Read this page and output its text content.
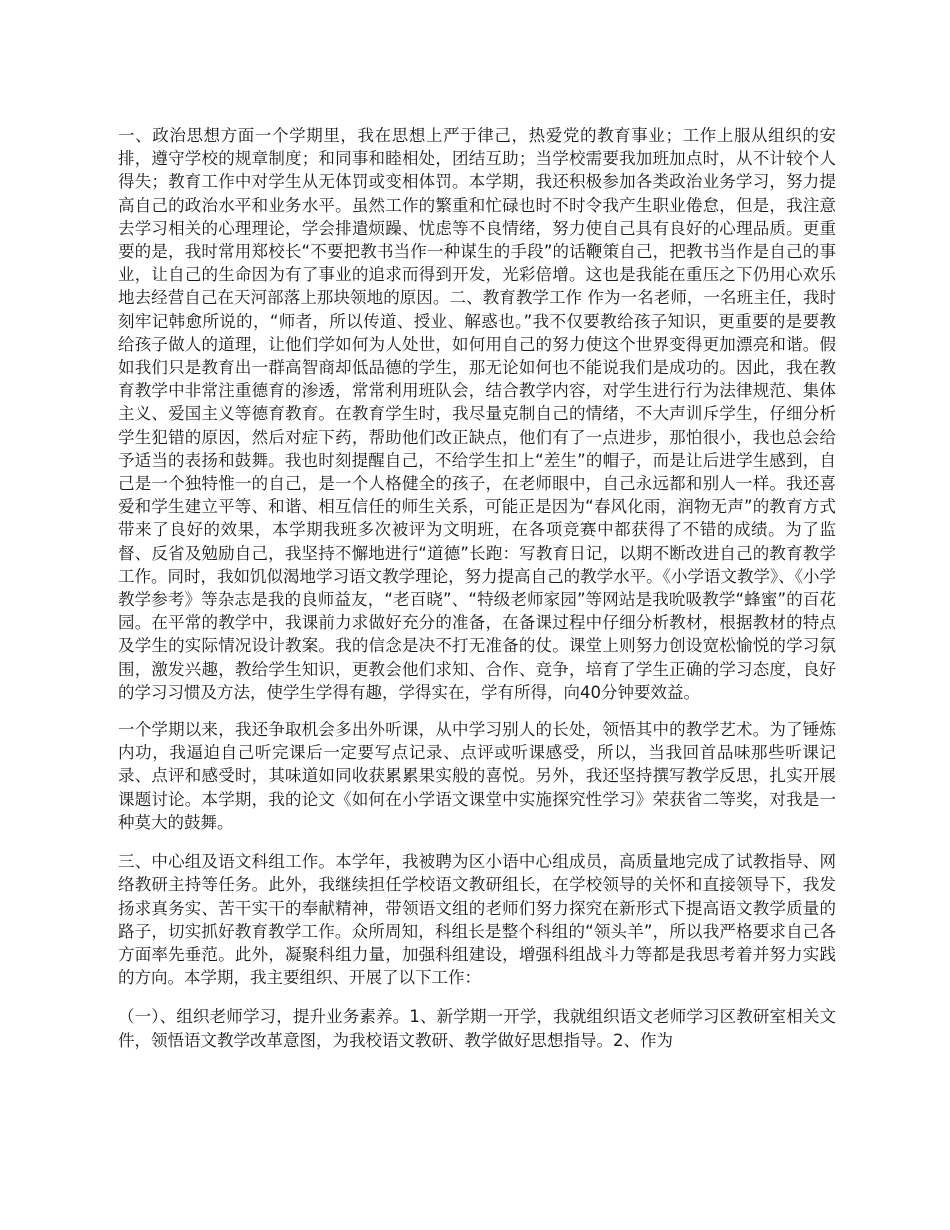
一、政治思想方面一个学期里，我在思想上严于律己，热爱党的教育事业；工作上服从组织的安排，遵守学校的规章制度；和同事和睦相处，团结互助；当学校需要我加班加点时，从不计较个人得失；教育工作中对学生从无体罚或变相体罚。本学期，我还积极参加各类政治业务学习，努力提高自己的政治水平和业务水平。虽然工作的繁重和忙碌也时不时令我产生职业倦怠，但是，我注意去学习相关的心理理论，学会排遣烦躁、忧虑等不良情绪，努力使自己具有良好的心理品质。更重要的是，我时常用郑校长“不要把教书当作一种谋生的手段”的话鞭策自己，把教书当作是自己的事业，让自己的生命因为有了事业的追求而得到开发，光彩倍增。这也是我能在重压之下仍用心欢乐地去经营自己在天河部落上那块领地的原因。二、教育教学工作 作为一名老师，一名班主任，我时刻牢记韩愈所说的，“师者，所以传道、授业、解惑也。”我不仅要教给孩子知识，更重要的是要教给孩子做人的道理，让他们学如何为人处世，如何用自己的努力使这个世界变得更加漂亮和谐。假如我们只是教育出一群高智商却低品德的学生，那无论如何也不能说我们是成功的。因此，我在教育教学中非常注重德育的渗透，常常利用班队会，结合教学内容，对学生进行行为法律规范、集体主义、爱国主义等德育教育。在教育学生时，我尽量克制自己的情绪，不大声训斥学生，仔细分析学生犯错的原因，然后对症下药，帮助他们改正缺点，他们有了一点进步，那怕很小，我也总会给予适当的表扬和鼓舞。我也时刻提醒自己，不给学生扣上“差生”的帽子，而是让后进学生感到，自己是一个独特惟一的自己，是一个人格健全的孩子，在老师眼中，自己永远都和别人一样。我还喜爱和学生建立平等、和谐、相互信任的师生关系，可能正是因为“春风化雨，润物无声”的教育方式带来了良好的效果，本学期我班多次被评为文明班，在各项竞赛中都获得了不错的成绩。为了监督、反省及勉励自己，我坚持不懈地进行“道德”长跑：写教育日记，以期不断改进自己的教育教学工作。同时，我如饥似渴地学习语文教学理论，努力提高自己的教学水平。《小学语文教学》、《小学教学参考》等杂志是我的良师益友，“老百晓”、“特级老师家园”等网站是我吮吸教学“蜂蜜”的百花园。在平常的教学中，我课前力求做好充分的准备，在备课过程中仔细分析教材，根据教材的特点及学生的实际情况设计教案。我的信念是决不打无准备的仗。课堂上则努力创设宽松愉悦的学习氛围，激发兴趣，教给学生知识，更教会他们求知、合作、竞争，培育了学生正确的学习态度，良好的学习习惯及方法，使学生学得有趣，学得实在，学有所得，向40分钟要效益。

一个学期以来，我还争取机会多出外听课，从中学习别人的长处，领悟其中的教学艺术。为了锤炼内功，我逼迫自己听完课后一定要写点记录、点评或听课感受，所以，当我回首品味那些听课记录、点评和感受时，其味道如同收获累累果实般的喜悦。另外，我还坚持撰写教学反思，扎实开展课题讨论。本学期，我的论文《如何在小学语文课堂中实施探究性学习》荣获省二等奖，对我是一种莫大的鼓舞。

三、中心组及语文科组工作。本学年，我被聘为区小语中心组成员，高质量地完成了试教指导、网络教研主持等任务。此外，我继续担任学校语文教研组长，在学校领导的关怀和直接领导下，我发扬求真务实、苦干实干的奉献精神，带领语文组的老师们努力探究在新形式下提高语文教学质量的路子，切实抓好教育教学工作。众所周知，科组长是整个科组的“领头羊”，所以我严格要求自己各方面率先垂范。此外，凝聚科组力量，加强科组建设，增强科组战斗力等都是我思考着并努力实践的方向。本学期，我主要组织、开展了以下工作：

（一）、组织老师学习，提升业务素养。1、新学期一开学，我就组织语文老师学习区教研室相关文件，领悟语文教学改革意图，为我校语文教研、教学做好思想指导。2、作为
